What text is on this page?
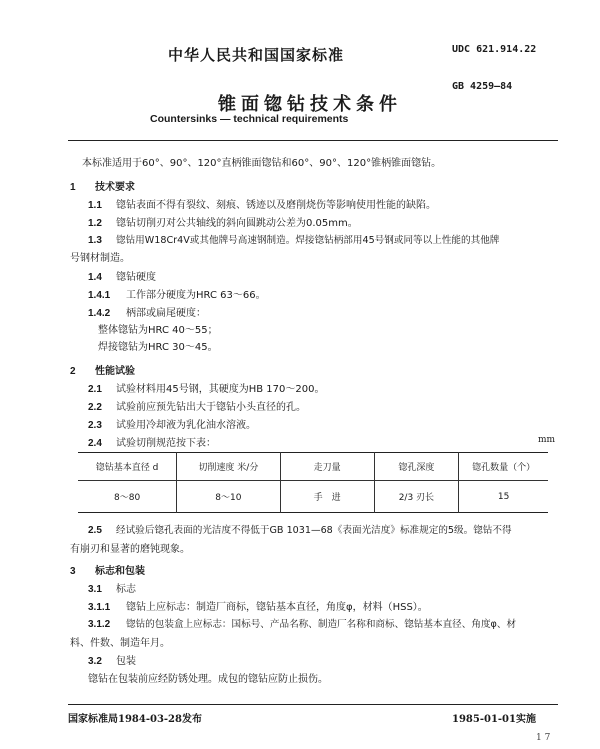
中华人民共和国国家标准	UDC 621.914.22
GB 4259—84
锥面锪钻技术条件
Countersinks — technical requirements
本标准适用于60°、90°、120°直柄锥面锪钻和60°、90°、120°锥柄锥面锪钻。
1 技术要求
1.1 锪钻表面不得有裂纹、刻痕、锈迹以及磨削烧伤等影响使用性能的缺陷。
1.2 锪钻切削刃对公共轴线的斜向圆跳动公差为0.05mm。
1.3 锪钻用W18Cr4V或其他牌号高速钢制造。焊接锪钻柄部用45号钢或同等以上性能的其他牌
号钢材制造。
1.4 锪钻硬度
1.4.1 工作部分硬度为HRC 63～66。
1.4.2 柄部或扁尾硬度：
整体锪钻为HRC 40～55；
焊接锪钻为HRC 30～45。
2 性能试验
2.1 试验材料用45号钢，其硬度为HB 170～200。
2.2 试验前应预先钻出大于锪钻小头直径的孔。
2.3 试验用冷却液为乳化油水溶液。
2.4 试验切削规范按下表：	mm
锪钻基本直径 d	切削速度 米/分	走刀量	锪孔深度	锪孔数量（个）
8～80	8～10	手　进	2/3 刃长	15
2.5 经试验后锪孔表面的光洁度不得低于GB 1031—68《表面光洁度》标准规定的5级。锪钻不得
有崩刃和显著的磨钝现象。
3 标志和包装
3.1 标志
3.1.1 锪钻上应标志：制造厂商标，锪钻基本直径，角度φ，材料（HSS）。
3.1.2 锪钻的包装盒上应标志：国标号、产品名称、制造厂名称和商标、锪钻基本直径、角度φ、材
料、件数、制造年月。
3.2 包装
锪钻在包装前应经防锈处理。成包的锪钻应防止损伤。
国家标准局1984-03-28发布	1985-01-01实施
1 7
